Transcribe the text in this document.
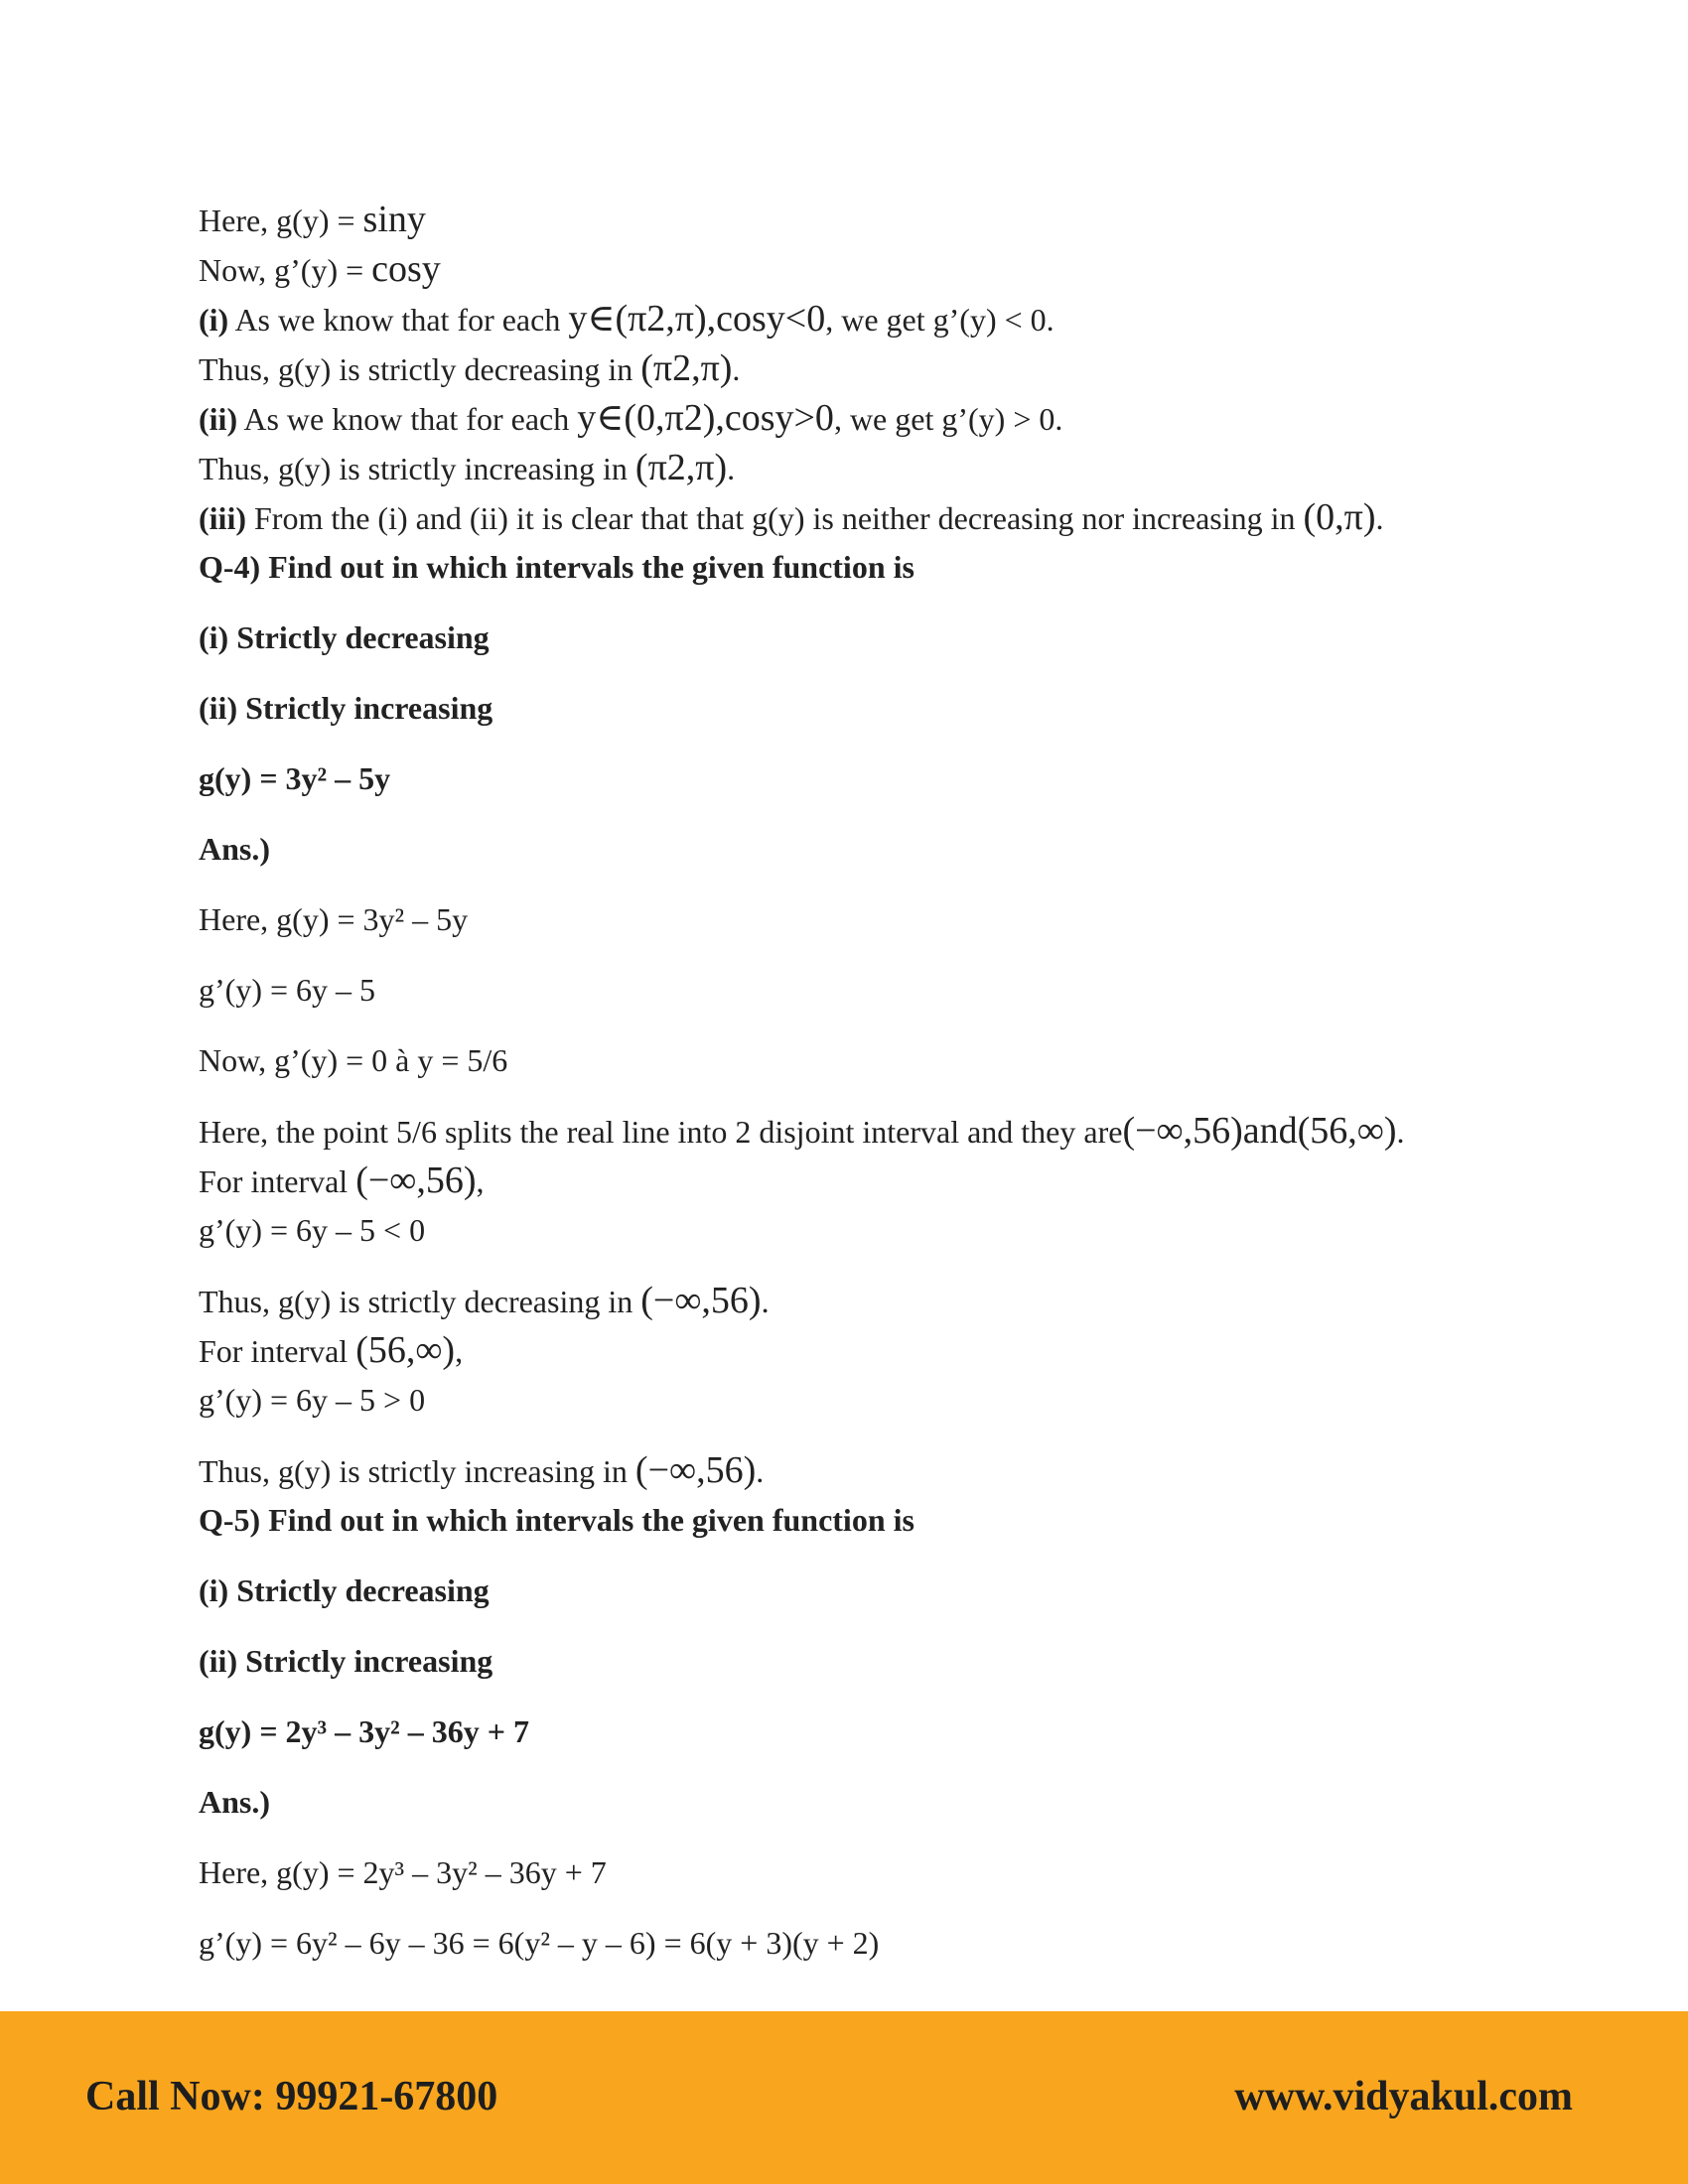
Here, g(y) = siny
Now, g’(y) = cosy
(i) As we know that for each y∈(π2,π),cosy<0, we get g’(y) < 0.
Thus, g(y) is strictly decreasing in (π2,π).
(ii) As we know that for each y∈(0,π2),cosy>0, we get g’(y) > 0.
Thus, g(y) is strictly increasing in (π2,π).
(iii) From the (i) and (ii) it is clear that that g(y) is neither decreasing nor increasing in (0,π).
Q-4) Find out in which intervals the given function is
(i) Strictly decreasing
(ii) Strictly increasing
g(y) = 3y² – 5y
Ans.)
Here, g(y) = 3y² – 5y
g’(y) = 6y – 5
Now, g’(y) = 0 à y = 5/6
Here, the point 5/6 splits the real line into 2 disjoint interval and they are(−∞,56)and(56,∞).
For interval (−∞,56),
g’(y) = 6y – 5 < 0
Thus, g(y) is strictly decreasing in (−∞,56).
For interval (56,∞),
g’(y) = 6y – 5 > 0
Thus, g(y) is strictly increasing in (−∞,56).
Q-5) Find out in which intervals the given function is
(i) Strictly decreasing
(ii) Strictly increasing
g(y) = 2y³ – 3y² – 36y + 7
Ans.)
Here, g(y) = 2y³ – 3y² – 36y + 7
g’(y) = 6y² – 6y – 36 = 6(y² – y – 6) = 6(y + 3)(y + 2)
Call Now: 99921-67800	www.vidyakul.com
